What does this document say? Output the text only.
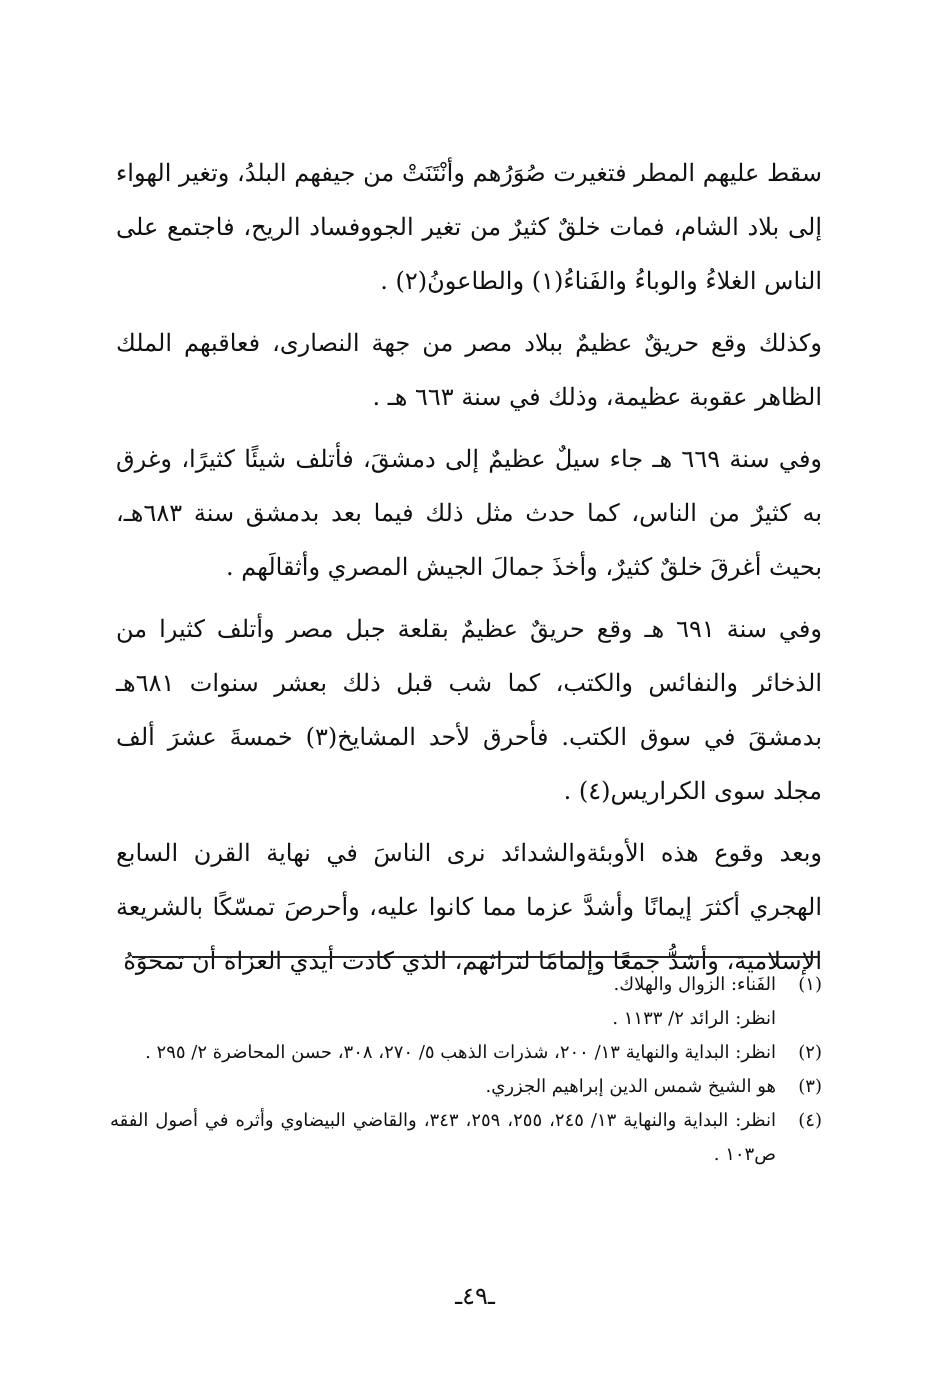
سقط عليهم المطر فتغيرت صُوَرُهم وأنْتَنَتْ من جيفهم البلدُ، وتغير الهواء إلى بلاد الشام، فمات خلقٌ كثيرٌ من تغير الجووفساد الريح، فاجتمع على الناس الغلاءُ والوباءُ والفَناءُ(١) والطاعونُ(٢) .

وكذلك وقع حريقٌ عظيمٌ ببلاد مصر من جهة النصارى، فعاقبهم الملك الظاهر عقوبة عظيمة، وذلك في سنة ٦٦٣ هـ .

وفي سنة ٦٦٩ هـ جاء سيلٌ عظيمٌ إلى دمشقَ، فأتلف شيئًا كثيرًا، وغرق به كثيرٌ من الناس، كما حدث مثل ذلك فيما بعد بدمشق سنة ٦٨٣هـ، بحيث أغرقَ خلقٌ كثيرٌ، وأخذَ جمالَ الجيش المصري وأثقالَهم .

وفي سنة ٦٩١ هـ وقع حريقٌ عظيمٌ بقلعة جبل مصر وأتلف كثيرا من الذخائر والنفائس والكتب، كما شب قبل ذلك بعشر سنوات ٦٨١هـ بدمشقَ في سوق الكتب. فأحرق لأحد المشايخ(٣) خمسةَ عشرَ ألف مجلد سوى الكراريس(٤) .

وبعد وقوع هذه الأوبئةوالشدائد نرى الناسَ في نهاية القرن السابع الهجري أكثرَ إيمانًا وأشدَّ عزما مما كانوا عليه، وأحرصَ تمسّكًا بالشريعة الإسلامية، وأشدُّ جمعًا وإلمامًا لتراثهم، الذي كادت أيدي الغزاة أن تمحوَهُ

(١)
الفَناء: الزوال والهلاك.
انظر: الرائد ٢/ ١١٣٣ .
(٢)
انظر: البداية والنهاية ١٣/ ٢٠٠، شذرات الذهب ٥/ ٢٧٠، ٣٠٨، حسن المحاضرة ٢/ ٢٩٥ .
(٣)
هو الشيخ شمس الدين إبراهيم الجزري.
(٤)
انظر: البداية والنهاية ١٣/ ٢٤٥، ٢٥٥، ٢٥٩، ٣٤٣، والقاضي البيضاوي وأثره في أصول الفقه ص١٠٣ .
ـ٤٩ـ
